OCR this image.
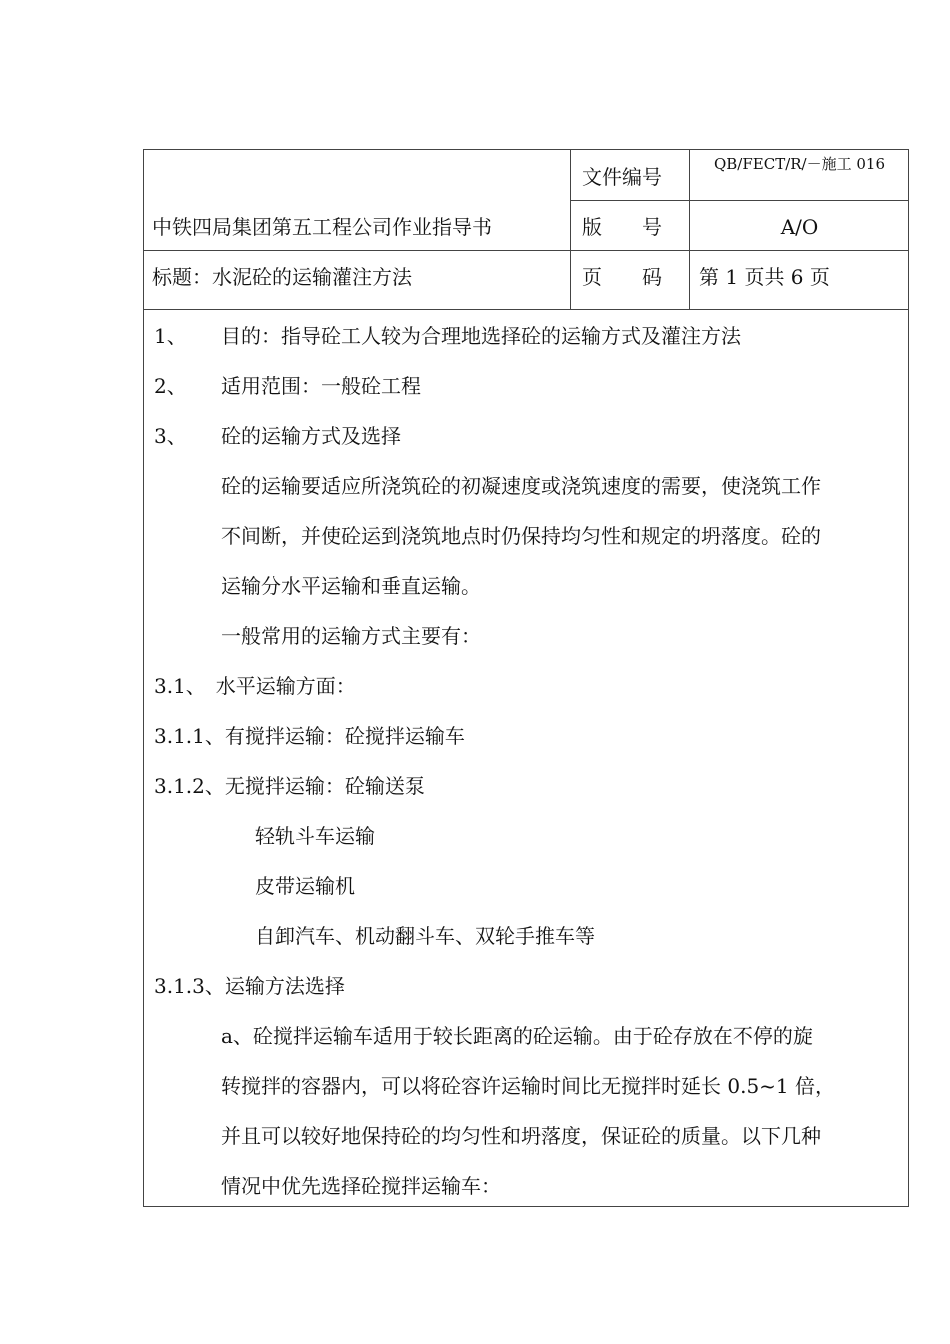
中铁四局集团第五工程公司作业指导书
文件编号
QB/FECT/R/－施工 016
版　　号	A/O
标题：水泥砼的运输灌注方法	页　　码 第 1 页共 6 页
1、 目的：指导砼工人较为合理地选择砼的运输方式及灌注方法
2、 适用范围：一般砼工程
3、 砼的运输方式及选择
砼的运输要适应所浇筑砼的初凝速度或浇筑速度的需要，使浇筑工作
不间断，并使砼运到浇筑地点时仍保持均匀性和规定的坍落度。砼的
运输分水平运输和垂直运输。
一般常用的运输方式主要有：
3.1、　水平运输方面：
3.1.1、有搅拌运输：砼搅拌运输车
3.1.2、无搅拌运输：砼输送泵
轻轨斗车运输
皮带运输机
自卸汽车、机动翻斗车、双轮手推车等
3.1.3、运输方法选择
a、砼搅拌运输车适用于较长距离的砼运输。由于砼存放在不停的旋
转搅拌的容器内，可以将砼容许运输时间比无搅拌时延长 0.5~1 倍，
并且可以较好地保持砼的均匀性和坍落度，保证砼的质量。以下几种
情况中优先选择砼搅拌运输车：
